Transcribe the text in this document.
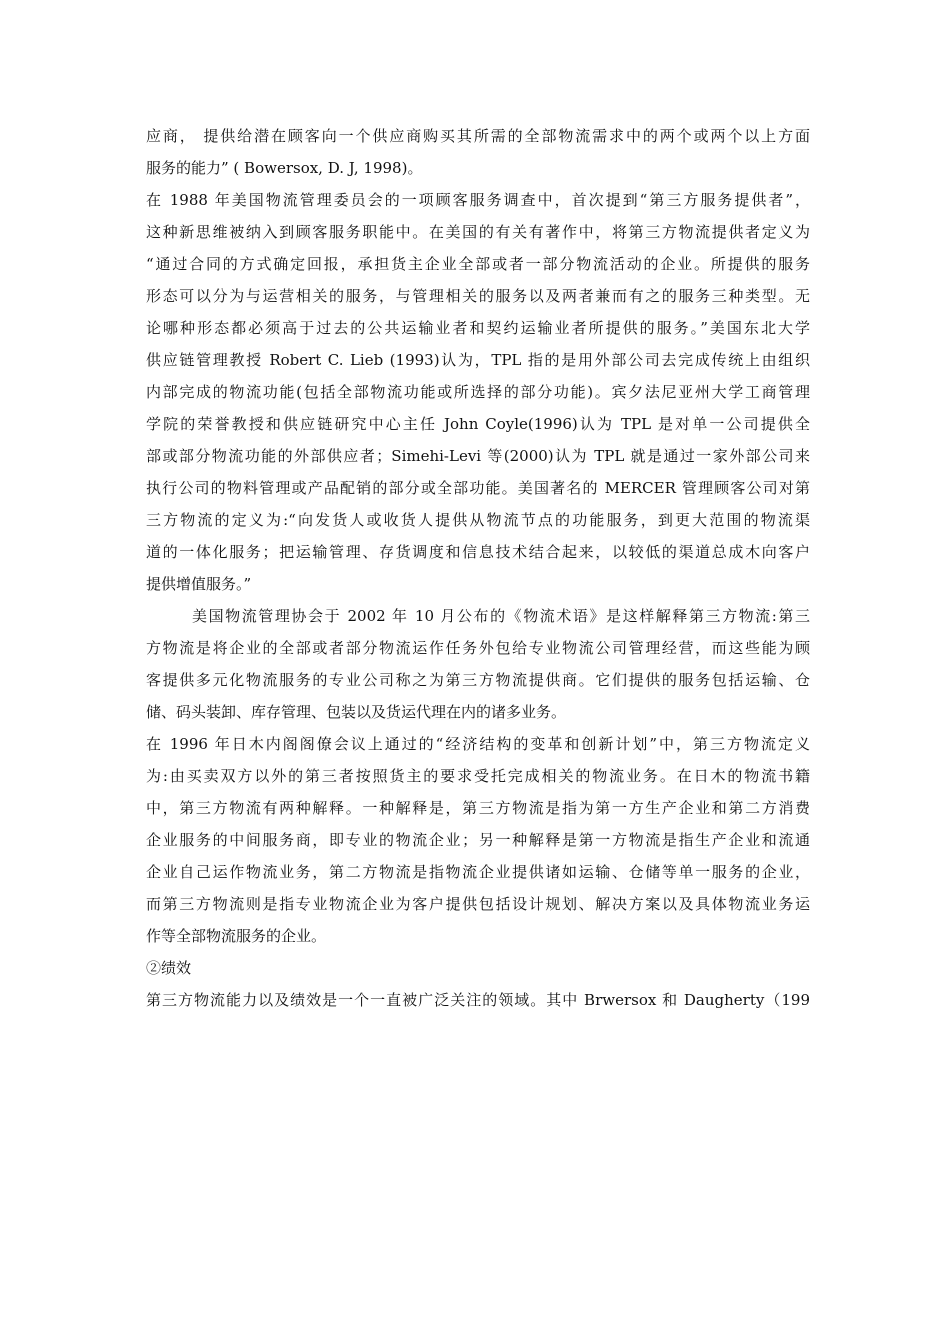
应商， 提供给潜在顾客向一个供应商购买其所需的全部物流需求中的两个或两个以上方面
服务的能力” ( Bowersox, D. J, 1998)。
在 1988 年美国物流管理委员会的一项顾客服务调查中，首次提到“第三方服务提供者”，
这种新思维被纳入到顾客服务职能中。在美国的有关有著作中，将第三方物流提供者定义为
“通过合同的方式确定回报，承担货主企业全部或者一部分物流活动的企业。所提供的服务
形态可以分为与运营相关的服务，与管理相关的服务以及两者兼而有之的服务三种类型。无
论哪种形态都必须高于过去的公共运输业者和契约运输业者所提供的服务。”美国东北大学
供应链管理教授 Robert C. Lieb (1993)认为，TPL 指的是用外部公司去完成传统上由组织
内部完成的物流功能(包括全部物流功能或所选择的部分功能)。宾夕法尼亚州大学工商管理
学院的荣誉教授和供应链研究中心主任 John Coyle(1996)认为 TPL 是对单一公司提供全
部或部分物流功能的外部供应者；Simehi-Levi 等(2000)认为 TPL 就是通过一家外部公司来
执行公司的物料管理或产品配销的部分或全部功能。美国著名的 MERCER 管理顾客公司对第
三方物流的定义为:“向发货人或收货人提供从物流节点的功能服务，到更大范围的物流渠
道的一体化服务；把运输管理、存货调度和信息技术结合起来，以较低的渠道总成木向客户
提供增值服务。”
美国物流管理协会于 2002 年 10 月公布的《物流术语》是这样解释第三方物流:第三
方物流是将企业的全部或者部分物流运作任务外包给专业物流公司管理经营，而这些能为顾
客提供多元化物流服务的专业公司称之为第三方物流提供商。它们提供的服务包括运输、仓
储、码头装卸、库存管理、包装以及货运代理在内的诸多业务。
在 1996 年日木内阁阁僚会议上通过的“经济结构的变革和创新计划”中，第三方物流定义
为:由买卖双方以外的第三者按照货主的要求受托完成相关的物流业务。在日木的物流书籍
中，第三方物流有两种解释。一种解释是，第三方物流是指为第一方生产企业和第二方消费
企业服务的中间服务商，即专业的物流企业；另一种解释是第一方物流是指生产企业和流通
企业自己运作物流业务，第二方物流是指物流企业提供诸如运输、仓储等单一服务的企业，
而第三方物流则是指专业物流企业为客户提供包括设计规划、解决方案以及具体物流业务运
作等全部物流服务的企业。
②绩效
第三方物流能力以及绩效是一个一直被广泛关注的领域。其中 Brwersox 和 Daugherty（199
